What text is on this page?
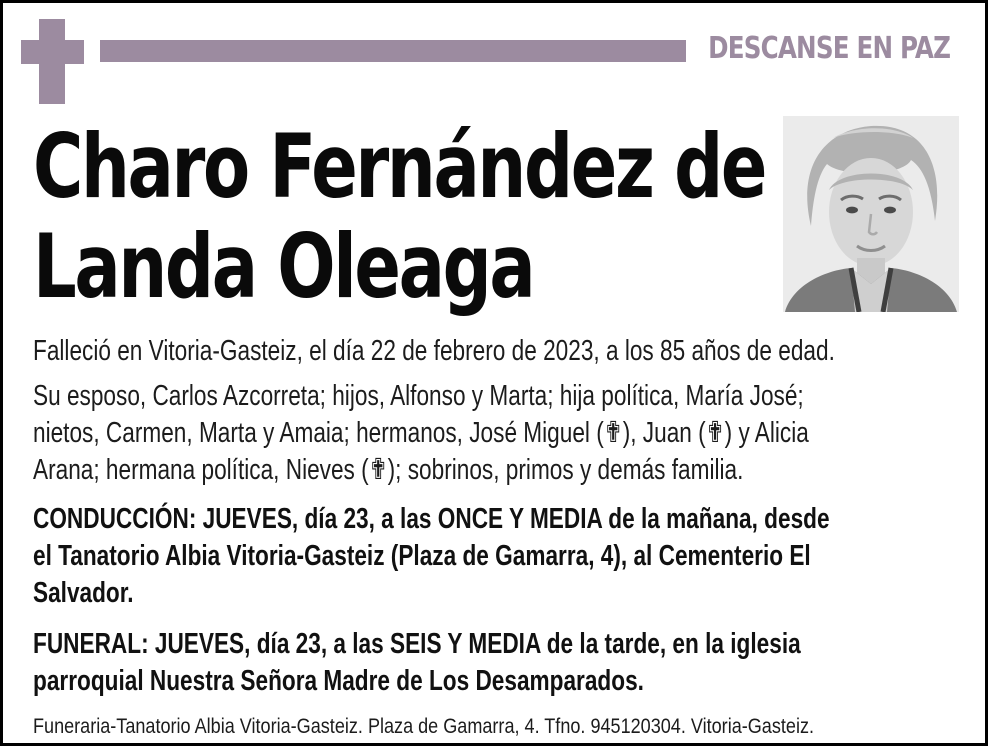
DESCANSE EN PAZ
Charo Fernández de
Landa Oleaga

Falleció en Vitoria-Gasteiz, el día 22 de febrero de 2023, a los 85 años de edad.

Su esposo, Carlos Azcorreta; hijos, Alfonso y Marta; hija política, María José;
nietos, Carmen, Marta y Amaia; hermanos, José Miguel (✟), Juan (✟) y Alicia
Arana; hermana política, Nieves (✟); sobrinos, primos y demás familia.

CONDUCCIÓN: JUEVES, día 23, a las ONCE Y MEDIA de la mañana, desde
el Tanatorio Albia Vitoria-Gasteiz (Plaza de Gamarra, 4), al Cementerio El
Salvador.

FUNERAL: JUEVES, día 23, a las SEIS Y MEDIA de la tarde, en la iglesia
parroquial Nuestra Señora Madre de Los Desamparados.

Funeraria-Tanatorio Albia Vitoria-Gasteiz. Plaza de Gamarra, 4. Tfno. 945120304. Vitoria-Gasteiz.
